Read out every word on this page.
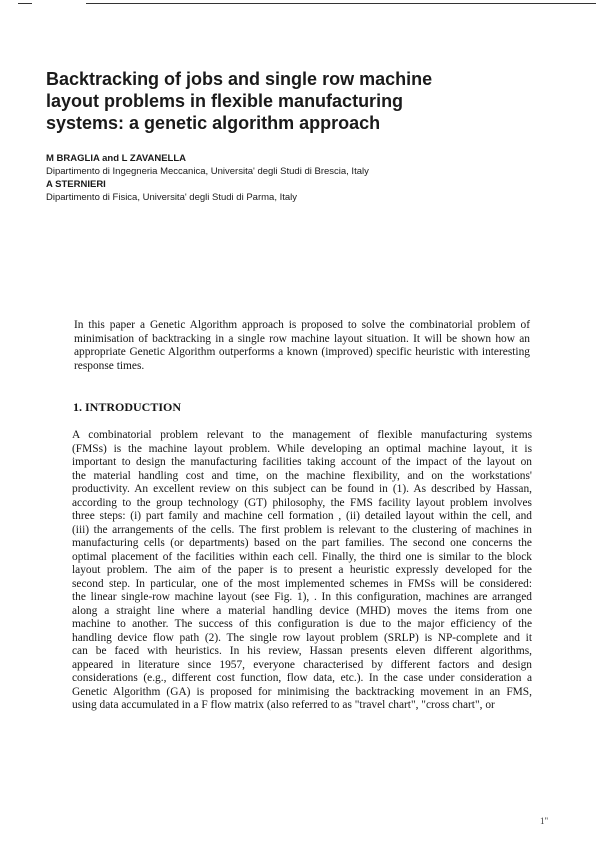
Backtracking of jobs and single row machine
layout problems in flexible manufacturing
systems: a genetic algorithm approach
M BRAGLIA and L ZAVANELLA
Dipartimento di Ingegneria Meccanica, Universita' degli Studi di Brescia, Italy
A STERNIERI
Dipartimento di Fisica, Universita' degli Studi di Parma, Italy

In this paper a Genetic Algorithm approach is proposed to solve the combinatorial problem of minimisation of backtracking in a single row machine layout situation. It will be shown how an appropriate Genetic Algorithm outperforms a known (improved) specific heuristic with interesting response times.

1. INTRODUCTION
A combinatorial problem relevant to the management of flexible manufacturing systems
(FMSs) is the machine layout problem. While developing an optimal machine layout, it is
important to design the manufacturing facilities taking account of the impact of the layout on
the material handling cost and time, on the machine flexibility, and on the workstations'
productivity. An excellent review on this subject can be found in (1). As described by Hassan,
according to the group technology (GT) philosophy, the FMS facility layout problem involves
three steps: (i) part family and machine cell formation , (ii) detailed layout within the cell, and
(iii) the arrangements of the cells. The first problem is relevant to the clustering of machines in
manufacturing cells (or departments) based on the part families. The second one concerns the
optimal placement of the facilities within each cell. Finally, the third one is similar to the block
layout problem. The aim of the paper is to present a heuristic expressly developed for the
second step. In particular, one of the most implemented schemes in FMSs will be considered:
the linear single-row machine layout (see Fig. 1), . In this configuration, machines are arranged
along a straight line where a material handling device (MHD) moves the items from one
machine to another. The success of this configuration is due to the major efficiency of the
handling device flow path (2). The single row layout problem (SRLP) is NP-complete and it
can be faced with heuristics. In his review, Hassan presents eleven different algorithms,
appeared in literature since 1957, everyone characterised by different factors and design
considerations (e.g., different cost function, flow data, etc.). In the case under consideration a
Genetic Algorithm (GA) is proposed for minimising the backtracking movement in an FMS,
using data accumulated in a F flow matrix (also referred to as "travel chart", "cross chart", or
1"
